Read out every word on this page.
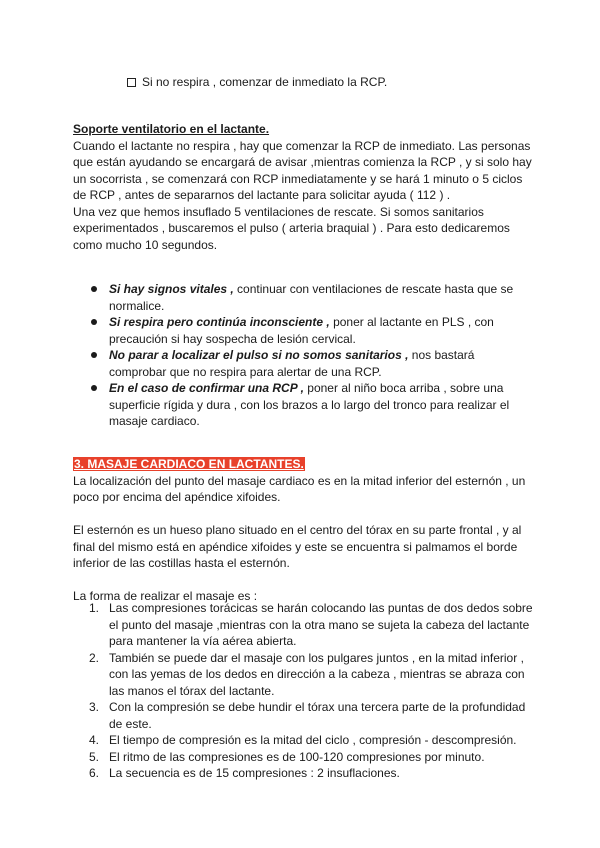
Si no respira , comenzar de inmediato la RCP.

Soporte ventilatorio en el lactante.

Cuando el lactante no respira , hay que comenzar la RCP de inmediato. Las personas que están ayudando se encargará de avisar ,mientras comienza la RCP , y si solo hay un socorrista , se comenzará con RCP inmediatamente y se hará 1 minuto o 5 ciclos de RCP , antes de separarnos del lactante para solicitar ayuda ( 112 ) .

Una vez que hemos insuflado 5 ventilaciones de rescate. Si somos sanitarios experimentados , buscaremos el pulso ( arteria braquial ) . Para esto dedicaremos como mucho 10 segundos.

Si hay signos vitales , continuar con ventilaciones de rescate hasta que se normalice.
Si respira pero continúa inconsciente , poner al lactante en PLS , con precaución si hay sospecha de lesión cervical.
No parar a localizar el pulso si no somos sanitarios , nos bastará comprobar que no respira para alertar de una RCP.
En el caso de confirmar una RCP , poner al niño boca arriba , sobre una superficie rígida y dura , con los brazos a lo largo del tronco para realizar el masaje cardiaco.

3. MASAJE CARDIACO EN LACTANTES.

La localización del punto del masaje cardiaco es en la mitad inferior del esternón , un poco por encima del apéndice xifoides.

El esternón es un hueso plano situado en el centro del tórax en su parte frontal , y al final del mismo está en apéndice xifoides y este se encuentra si palmamos el borde inferior de las costillas hasta el esternón.

La forma de realizar el masaje es :

1. Las compresiones torácicas se harán colocando las puntas de dos dedos sobre el punto del masaje ,mientras con la otra mano se sujeta la cabeza del lactante para mantener la vía aérea abierta.
2. También se puede dar el masaje con los pulgares juntos , en la mitad inferior , con las yemas de los dedos en dirección a la cabeza , mientras se abraza con las manos el tórax del lactante.
3. Con la compresión se debe hundir el tórax una tercera parte de la profundidad de este.
4. El tiempo de compresión es la mitad del ciclo , compresión - descompresión.
5. El ritmo de las compresiones es de 100-120 compresiones por minuto.
6. La secuencia es de 15 compresiones : 2 insuflaciones.
